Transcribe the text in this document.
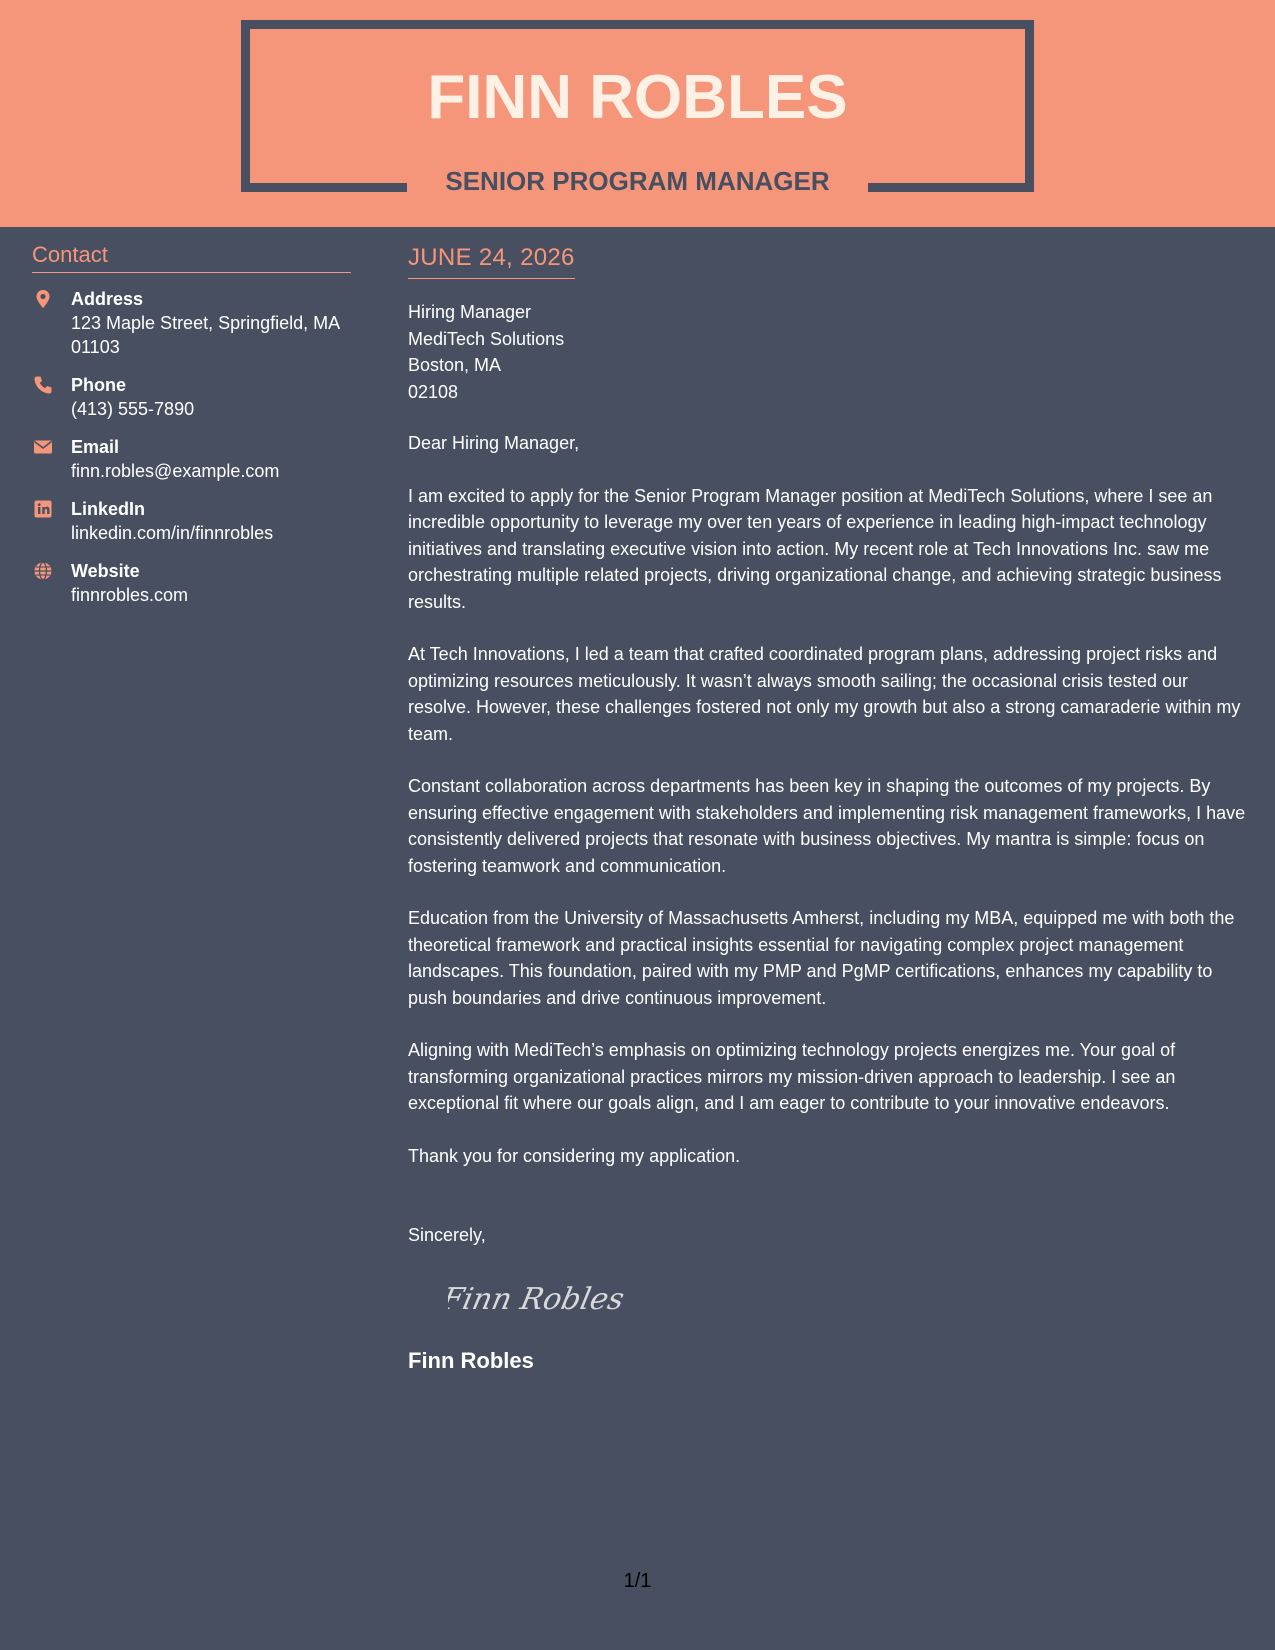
FINN ROBLES
SENIOR PROGRAM MANAGER
Contact
Address
123 Maple Street, Springfield, MA 01103
Phone
(413) 555-7890
Email
finn.robles@example.com
LinkedIn
linkedin.com/in/finnrobles
Website
finnrobles.com
JUNE 24, 2026
Hiring Manager
MediTech Solutions
Boston, MA
02108
Dear Hiring Manager,
I am excited to apply for the Senior Program Manager position at MediTech Solutions, where I see an incredible opportunity to leverage my over ten years of experience in leading high-impact technology initiatives and translating executive vision into action. My recent role at Tech Innovations Inc. saw me orchestrating multiple related projects, driving organizational change, and achieving strategic business results.
At Tech Innovations, I led a team that crafted coordinated program plans, addressing project risks and optimizing resources meticulously. It wasn’t always smooth sailing; the occasional crisis tested our resolve. However, these challenges fostered not only my growth but also a strong camaraderie within my team.
Constant collaboration across departments has been key in shaping the outcomes of my projects. By ensuring effective engagement with stakeholders and implementing risk management frameworks, I have consistently delivered projects that resonate with business objectives. My mantra is simple: focus on fostering teamwork and communication.
Education from the University of Massachusetts Amherst, including my MBA, equipped me with both the theoretical framework and practical insights essential for navigating complex project management landscapes. This foundation, paired with my PMP and PgMP certifications, enhances my capability to push boundaries and drive continuous improvement.
Aligning with MediTech’s emphasis on optimizing technology projects energizes me. Your goal of transforming organizational practices mirrors my mission-driven approach to leadership. I see an exceptional fit where our goals align, and I am eager to contribute to your innovative endeavors.
Thank you for considering my application.
Sincerely,
Finn Robles
Finn Robles
1/1
